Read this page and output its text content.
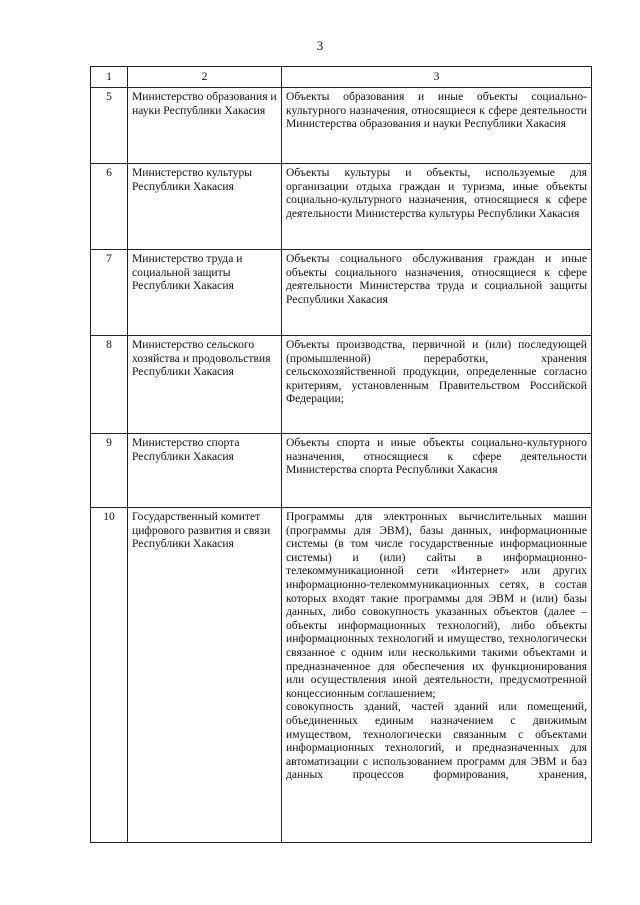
3
1	2	3
5	Министерство образования и науки Республики Хакасия	Объекты образования и иные объекты социально-культурного назначения, относящиеся к сфере деятельности Министерства образования и науки Республики Хакасия

6	Министерство культуры Республики Хакасия	Объекты культуры и объекты, используемые для организации отдыха граждан и туризма, иные объекты социально-культурного назначения, относящиеся к сфере деятельности Министерства культуры Республики Хакасия

7	Министерство труда и социальной защиты Республики Хакасия	Объекты социального обслуживания граждан и иные объекты социального назначения, относящиеся к сфере деятельности Министерства труда и социальной защиты Республики Хакасия

8	Министерство сельского хозяйства и продовольствия Республики Хакасия	Объекты производства, первичной и (или) последующей (промышленной) переработки, хранения сельскохозяйственной продукции, определенные согласно критериям, установленным Правительством Российской Федерации;

9	Министерство спорта Республики Хакасия	Объекты спорта и иные объекты социально-культурного назначения, относящиеся к сфере деятельности Министерства спорта Республики Хакасия

10	Государственный комитет цифрового развития и связи Республики Хакасия	Программы для электронных вычислительных машин (программы для ЭВМ), базы данных, информационные системы (в том числе государственные информационные системы) и (или) сайты в информационно-телекоммуникационной сети «Интернет» или других информационно-телекоммуникационных сетях, в состав которых входят такие программы для ЭВМ и (или) базы данных, либо совокупность указанных объектов (далее – объекты информационных технологий), либо объекты информационных технологий и имущество, технологически связанное с одним или несколькими такими объектами и предназначенное для обеспечения их функционирования или осуществления иной деятельности, предусмотренной концессионным соглашением;

совокупность зданий, частей зданий или помещений, объединенных единым назначением с движимым имуществом, технологически связанным с объектами информационных технологий, и предназначенных для автоматизации с использованием программ для ЭВМ и баз данных процессов формирования, хранения,
